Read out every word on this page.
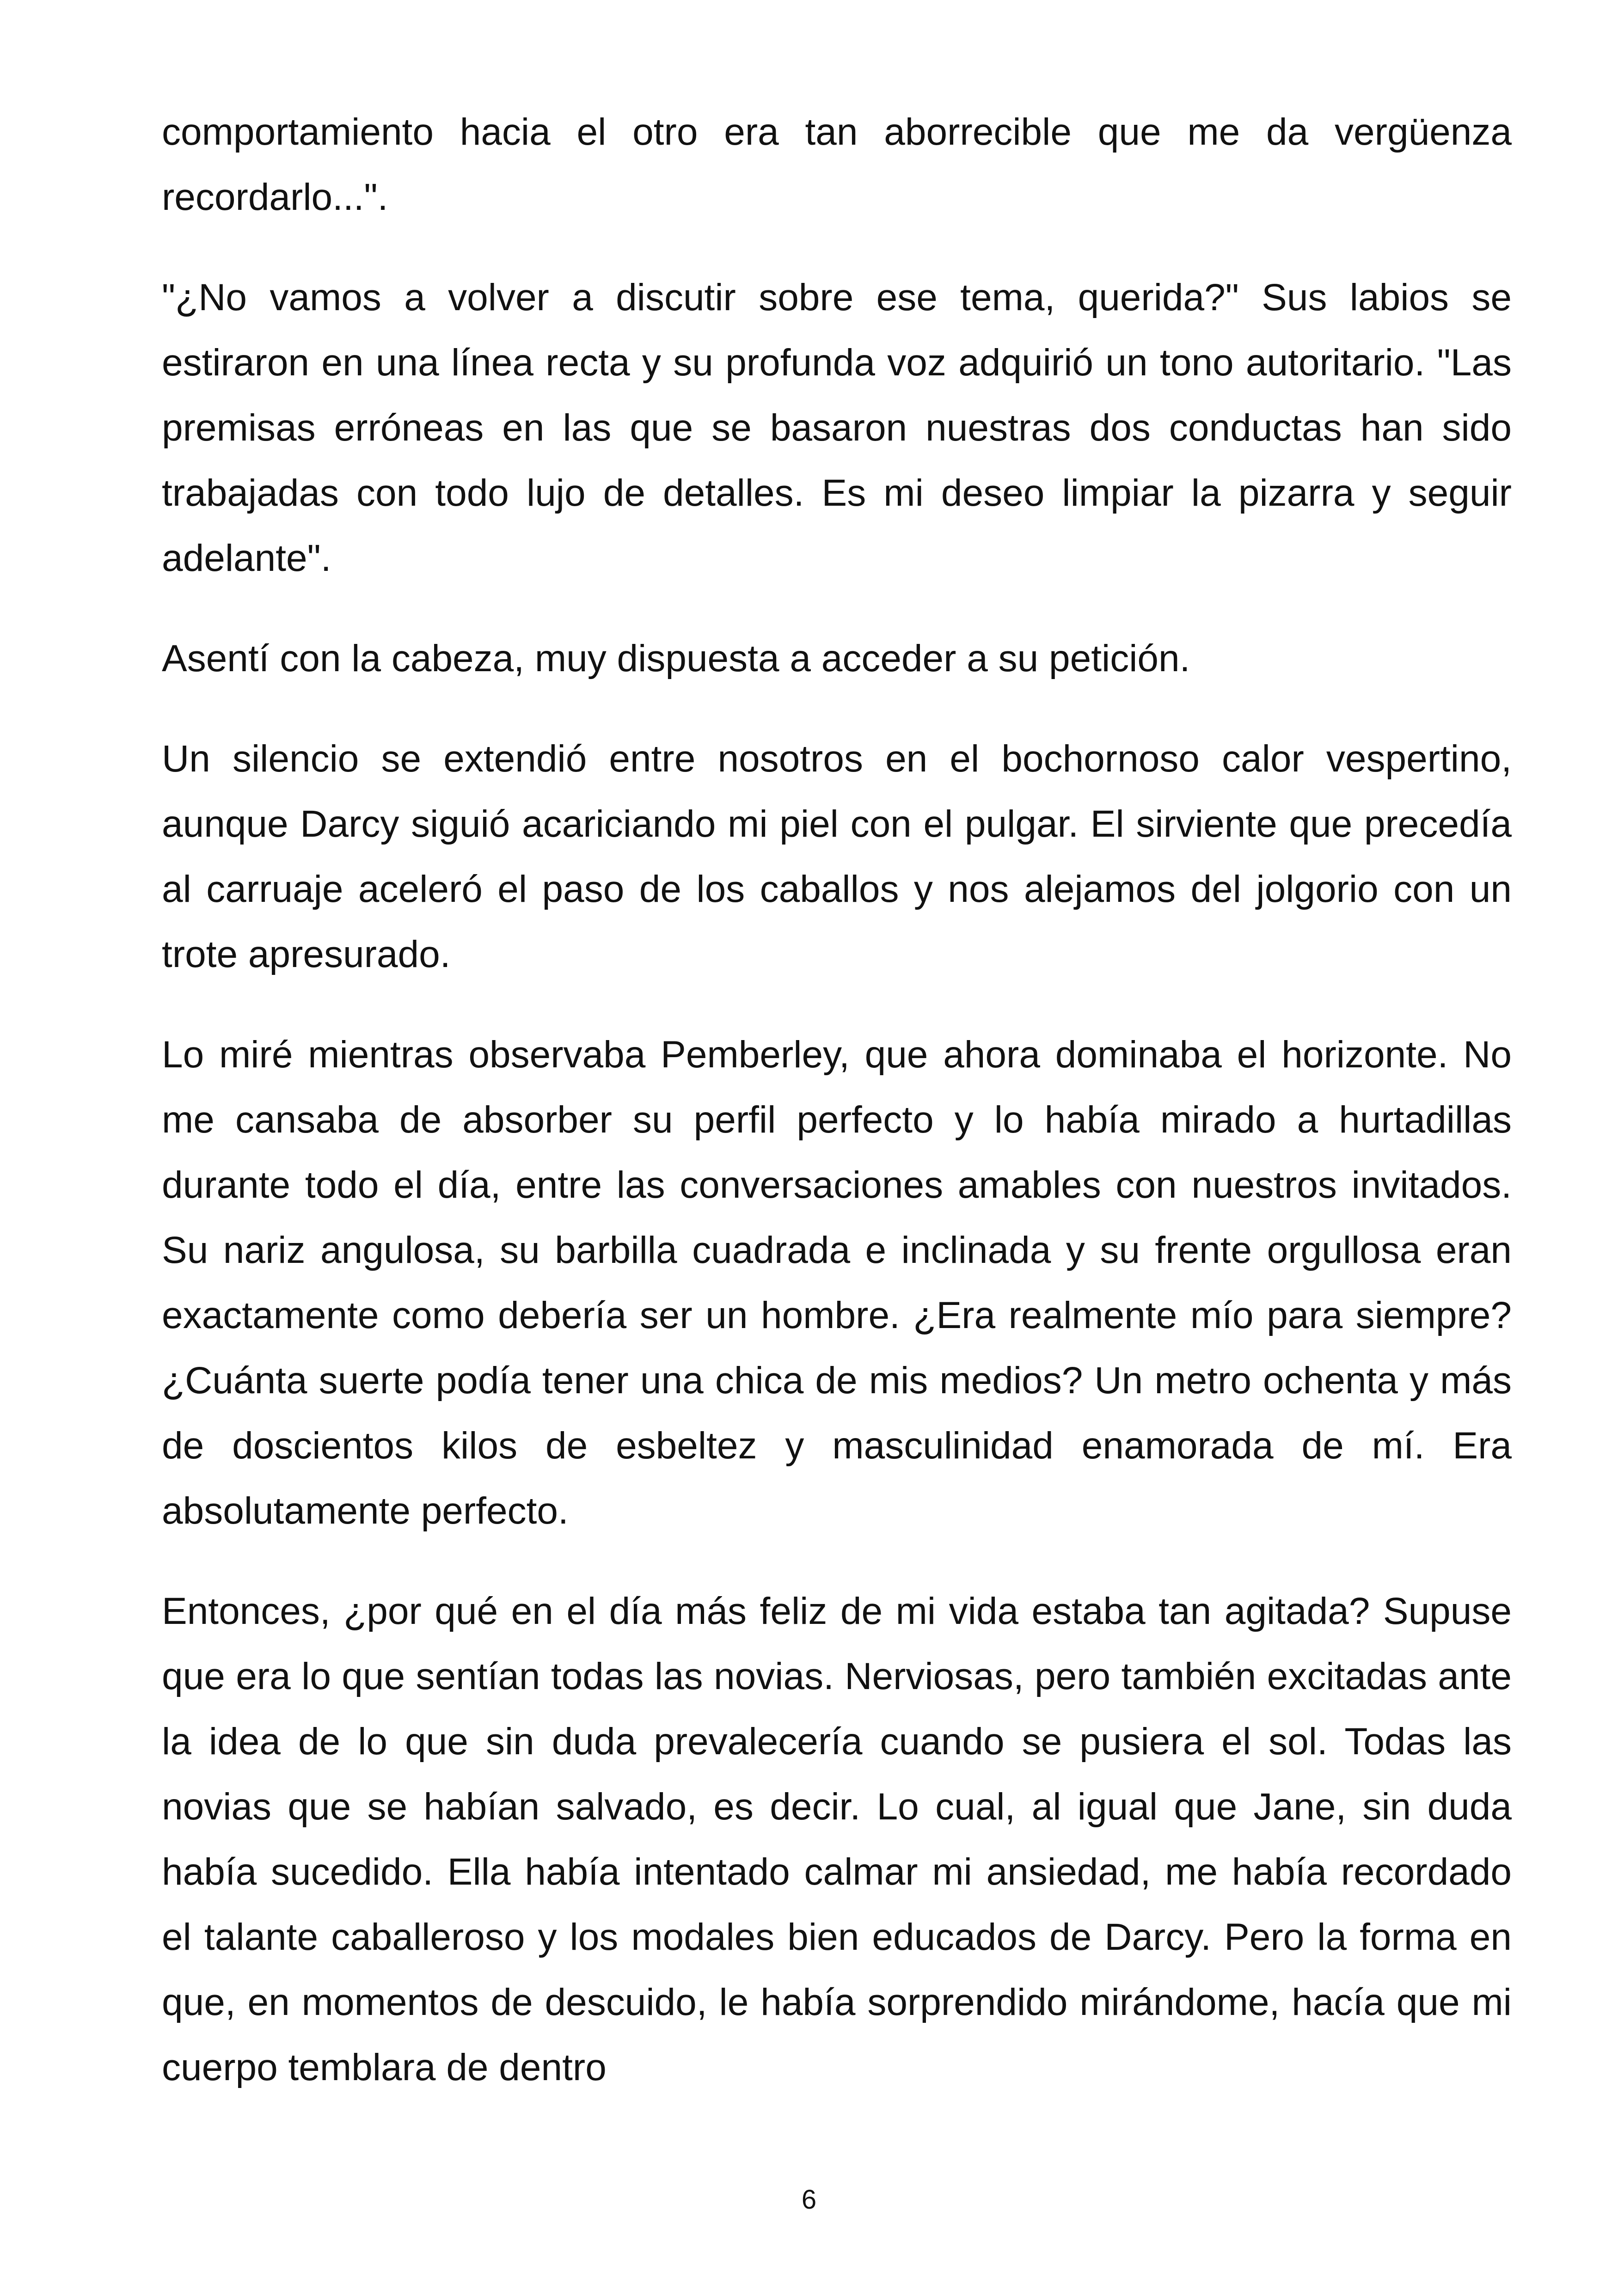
comportamiento hacia el otro era tan aborrecible que me da vergüenza recordarlo...".

"¿No vamos a volver a discutir sobre ese tema, querida?" Sus labios se estiraron en una línea recta y su profunda voz adquirió un tono autoritario. "Las premisas erróneas en las que se basaron nuestras dos conductas han sido trabajadas con todo lujo de detalles. Es mi deseo limpiar la pizarra y seguir adelante".

Asentí con la cabeza, muy dispuesta a acceder a su petición.

Un silencio se extendió entre nosotros en el bochornoso calor vespertino, aunque Darcy siguió acariciando mi piel con el pulgar. El sirviente que precedía al carruaje aceleró el paso de los caballos y nos alejamos del jolgorio con un trote apresurado.

Lo miré mientras observaba Pemberley, que ahora dominaba el horizonte. No me cansaba de absorber su perfil perfecto y lo había mirado a hurtadillas durante todo el día, entre las conversaciones amables con nuestros invitados. Su nariz angulosa, su barbilla cuadrada e inclinada y su frente orgullosa eran exactamente como debería ser un hombre. ¿Era realmente mío para siempre? ¿Cuánta suerte podía tener una chica de mis medios? Un metro ochenta y más de doscientos kilos de esbeltez y masculinidad enamorada de mí. Era absolutamente perfecto.

Entonces, ¿por qué en el día más feliz de mi vida estaba tan agitada? Supuse que era lo que sentían todas las novias. Nerviosas, pero también excitadas ante la idea de lo que sin duda prevalecería cuando se pusiera el sol. Todas las novias que se habían salvado, es decir. Lo cual, al igual que Jane, sin duda había sucedido. Ella había intentado calmar mi ansiedad, me había recordado el talante caballeroso y los modales bien educados de Darcy. Pero la forma en que, en momentos de descuido, le había sorprendido mirándome, hacía que mi cuerpo temblara de dentro

6
